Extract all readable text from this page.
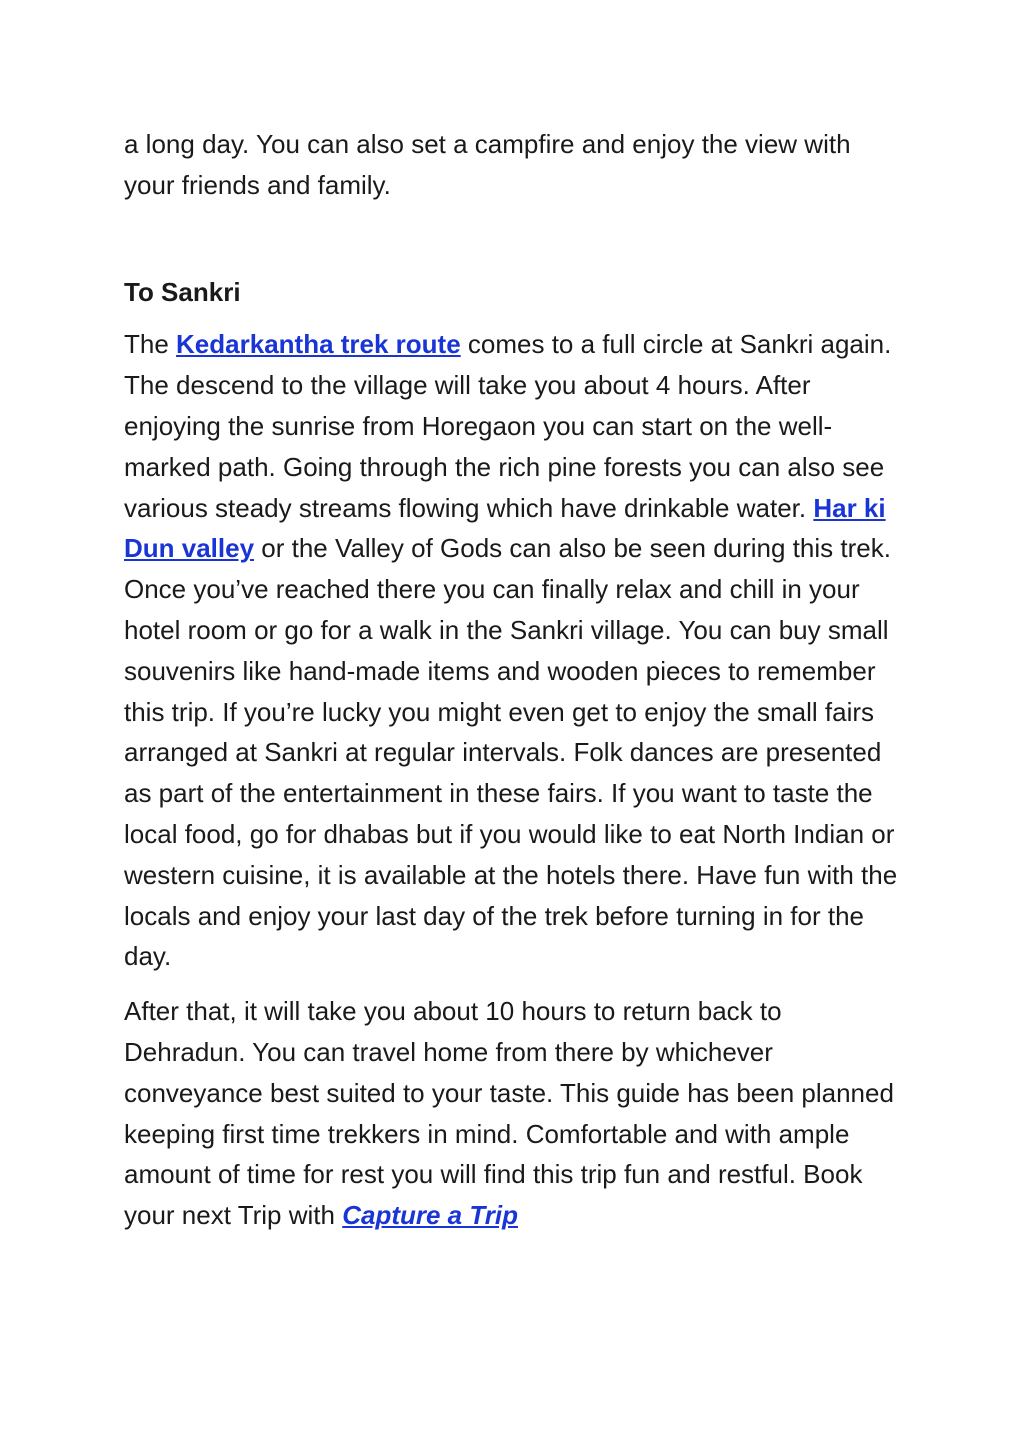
a long day. You can also set a campfire and enjoy the view with your friends and family.

To Sankri

The Kedarkantha trek route comes to a full circle at Sankri again. The descend to the village will take you about 4 hours. After enjoying the sunrise from Horegaon you can start on the well-marked path. Going through the rich pine forests you can also see various steady streams flowing which have drinkable water. Har ki Dun valley or the Valley of Gods can also be seen during this trek. Once you’ve reached there you can finally relax and chill in your hotel room or go for a walk in the Sankri village. You can buy small souvenirs like hand-made items and wooden pieces to remember this trip. If you’re lucky you might even get to enjoy the small fairs arranged at Sankri at regular intervals. Folk dances are presented as part of the entertainment in these fairs. If you want to taste the local food, go for dhabas but if you would like to eat North Indian or western cuisine, it is available at the hotels there. Have fun with the locals and enjoy your last day of the trek before turning in for the day.

After that, it will take you about 10 hours to return back to Dehradun. You can travel home from there by whichever conveyance best suited to your taste. This guide has been planned keeping first time trekkers in mind. Comfortable and with ample amount of time for rest you will find this trip fun and restful. Book your next Trip with Capture a Trip
